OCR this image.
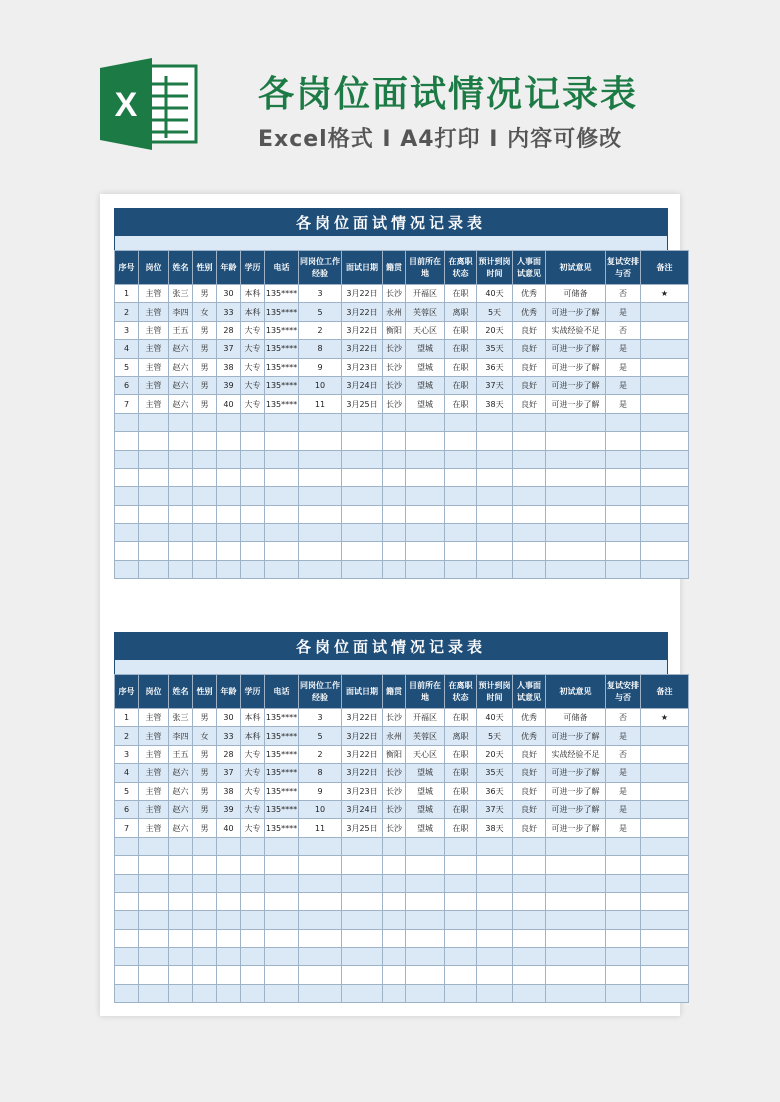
X	各岗位面试情况记录表
Excel格式 I A4打印 I 内容可修改
各岗位面试情况记录表
序号	岗位	姓名	性别	年龄	学历	电话	同岗位工作经验	面试日期	籍贯	目前所在地	在离职状态	预计到岗时间	人事面试意见	初试意见	复试安排与否	备注
1	主管	张三	男	30	本科	135****	3	3月22日	长沙	开福区	在职	40天	优秀	可储备	否	★
2	主管	李四	女	33	本科	135****	5	3月22日	永州	芙蓉区	离职	5天	优秀	可进一步了解	是	
3	主管	王五	男	28	大专	135****	2	3月22日	衡阳	天心区	在职	20天	良好	实战经验不足	否	
4	主管	赵六	男	37	大专	135****	8	3月22日	长沙	望城	在职	35天	良好	可进一步了解	是	
5	主管	赵六	男	38	大专	135****	9	3月23日	长沙	望城	在职	36天	良好	可进一步了解	是	
6	主管	赵六	男	39	大专	135****	10	3月24日	长沙	望城	在职	37天	良好	可进一步了解	是	
7	主管	赵六	男	40	大专	135****	11	3月25日	长沙	望城	在职	38天	良好	可进一步了解	是	

各岗位面试情况记录表
序号	岗位	姓名	性别	年龄	学历	电话	同岗位工作经验	面试日期	籍贯	目前所在地	在离职状态	预计到岗时间	人事面试意见	初试意见	复试安排与否	备注
1	主管	张三	男	30	本科	135****	3	3月22日	长沙	开福区	在职	40天	优秀	可储备	否	★
2	主管	李四	女	33	本科	135****	5	3月22日	永州	芙蓉区	离职	5天	优秀	可进一步了解	是	
3	主管	王五	男	28	大专	135****	2	3月22日	衡阳	天心区	在职	20天	良好	实战经验不足	否	
4	主管	赵六	男	37	大专	135****	8	3月22日	长沙	望城	在职	35天	良好	可进一步了解	是	
5	主管	赵六	男	38	大专	135****	9	3月23日	长沙	望城	在职	36天	良好	可进一步了解	是	
6	主管	赵六	男	39	大专	135****	10	3月24日	长沙	望城	在职	37天	良好	可进一步了解	是	
7	主管	赵六	男	40	大专	135****	11	3月25日	长沙	望城	在职	38天	良好	可进一步了解	是	
